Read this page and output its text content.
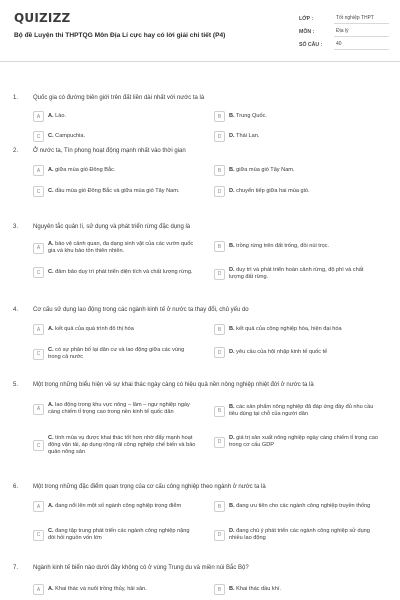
QUIZIZZ
Bộ đề Luyện thi THPTQG Môn Địa Lí cực hay có lời giải chi tiết (P4)
LỚP :	Tốt nghiệp THPT
MÔN :	Địa lý
SỐ CÂU :	40
1. Quốc gia có đường biên giới trên đất liền dài nhất với nước ta là
A	A. Lào.	B	B. Trung Quốc.
C	C. Campuchia.	D	D. Thái Lan.
2. Ở nước ta, Tín phong hoạt động mạnh nhất vào thời gian
A	A. giữa mùa gió Đông Bắc.	B	B. giữa mùa gió Tây Nam.
C	C. đầu mùa gió Đông Bắc và giữa mùa gió Tây Nam.	D	D. chuyển tiếp giữa hai mùa gió.
3. Nguyên tắc quản lí, sử dụng và phát triển rừng đặc dụng là
A
A. bảo vệ cảnh quan, đa dạng sinh vật của các vườn quốc gia và khu bảo tồn thiên nhiên.
B	B. trồng rừng trên đất trống, đồi núi trọc.
C	C. đảm bảo duy trì phát triển diện tích và chất lượng rừng.	D
D. duy trì và phát triển hoàn cảnh rừng, độ phì và chất lượng đất rừng.
4. Cơ cấu sử dụng lao động trong các ngành kinh tế ở nước ta thay đổi, chủ yếu do
A	A. kết quả của quá trình đô thị hóa	B	B. kết quả của công nghiệp hóa, hiện đại hóa
C
C. có sự phân bố lại dân cư và lao động giữa các vùng trong cả nước
D	D. yêu cầu của hội nhập kinh tế quốc tế
5. Một trong những biểu hiện về sự khai thác ngày càng có hiệu quả nền nông nghiệp nhiệt đới ở nước ta là
A
A. lao động trong khu vực nông – lâm – ngư nghiệp ngày càng chiếm tỉ trọng cao trong nền kinh tế quốc dân	B
B. các sản phẩm nông nghiệp đã đáp ứng đầy đủ nhu cầu tiêu dùng tại chỗ của người dân
C
C. tính mùa vụ được khai thác tốt hơn nhờ đẩy mạnh hoạt động vận tải, áp dụng rộng rãi công nghiệp chế biến và bảo quản nông sản
D
D. giá trị sản xuất nông nghiệp ngày càng chiếm tỉ trọng cao trong cơ cấu GDP
6. Một trong những đặc điểm quan trọng của cơ cấu công nghiệp theo ngành ở nước ta là
A	A. đang nổi lên một số ngành công nghiệp trọng điểm	B	B. đang ưu tiên cho các ngành công nghiệp truyền thống
C
C. đang tập trung phát triển các ngành công nghiệp nặng đòi hỏi nguồn vốn lớn	D
D. đang chú ý phát triển các ngành công nghiệp sử dụng nhiều lao động
7. Ngành kinh tế biển nào dưới đây không có ở vùng Trung du và miền núi Bắc Bộ?
A	A. Khai thác và nuôi trồng thủy, hải sản.	B	B. Khai thác dầu khí.
